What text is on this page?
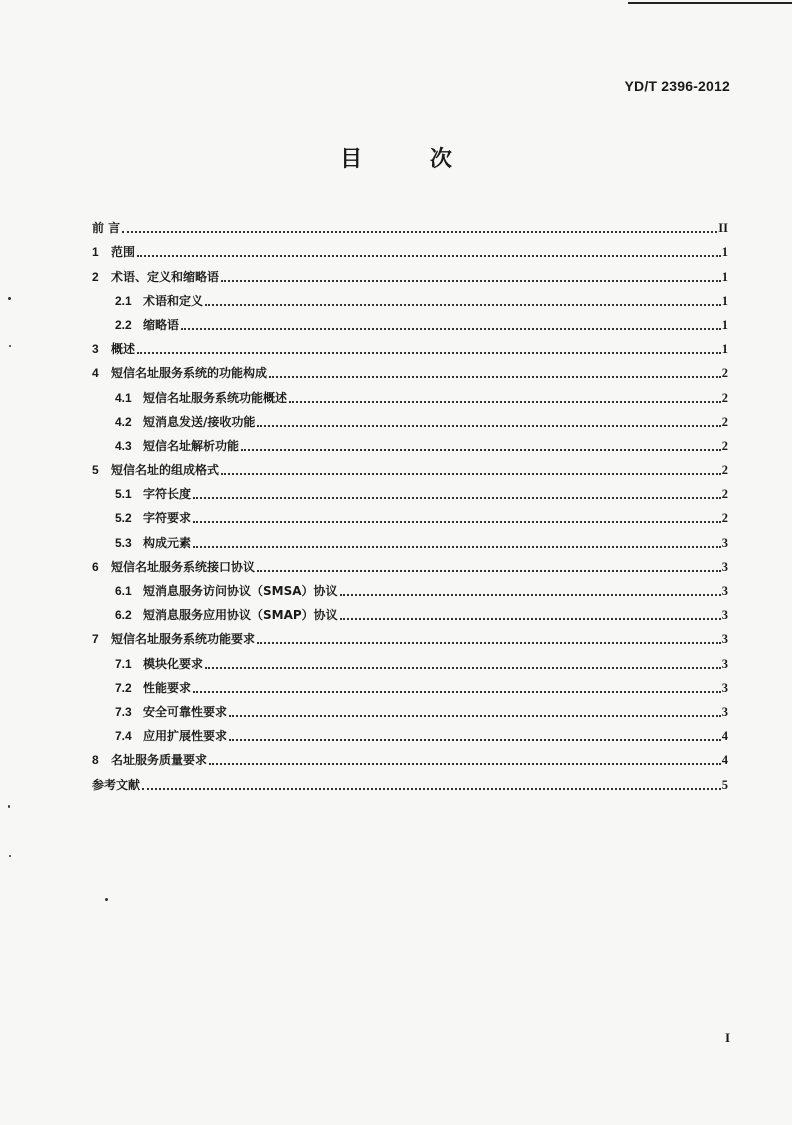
YD/T 2396-2012
目 次
前 言	II
1	范围	1
2	术语、定义和缩略语	1
2.1 术语和定义	1
2.2 缩略语	1
3	概述	1
4	短信名址服务系统的功能构成	2
4.1 短信名址服务系统功能概述	2
4.2 短消息发送/接收功能	2
4.3 短信名址解析功能	2
5	短信名址的组成格式	2
5.1 字符长度	2
5.2 字符要求	2
5.3 构成元素	3
6	短信名址服务系统接口协议	3
6.1 短消息服务访问协议（SMSA）协议	3
6.2 短消息服务应用协议（SMAP）协议	3
7	短信名址服务系统功能要求	3
7.1 模块化要求	3
7.2 性能要求	3
7.3 安全可靠性要求	3
7.4 应用扩展性要求	4
8	名址服务质量要求	4
参考文献	5
I
